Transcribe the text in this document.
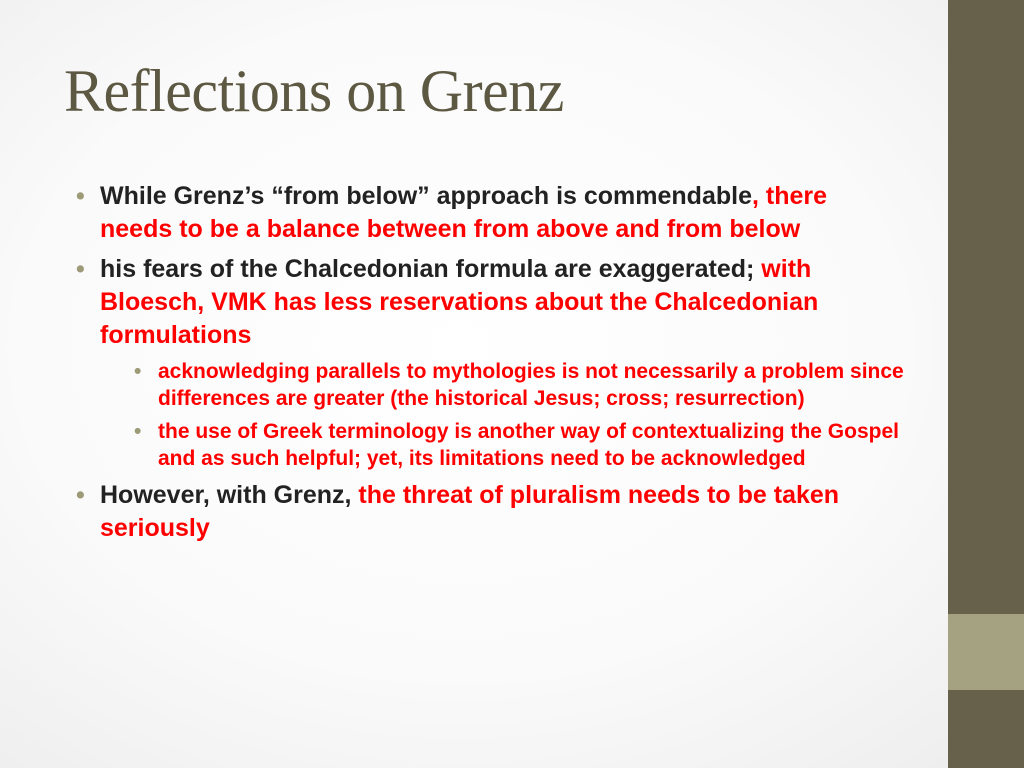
Reflections on Grenz
• While Grenz’s “from below” approach is commendable, there needs to be a balance between from above and from below
• his fears of the Chalcedonian formula are exaggerated; with Bloesch, VMK has less reservations about the Chalcedonian formulations
• acknowledging parallels to mythologies is not necessarily a problem since differences are greater (the historical Jesus; cross; resurrection)
• the use of Greek terminology is another way of contextualizing the Gospel and as such helpful; yet, its limitations need to be acknowledged
• However, with Grenz, the threat of pluralism needs to be taken seriously
